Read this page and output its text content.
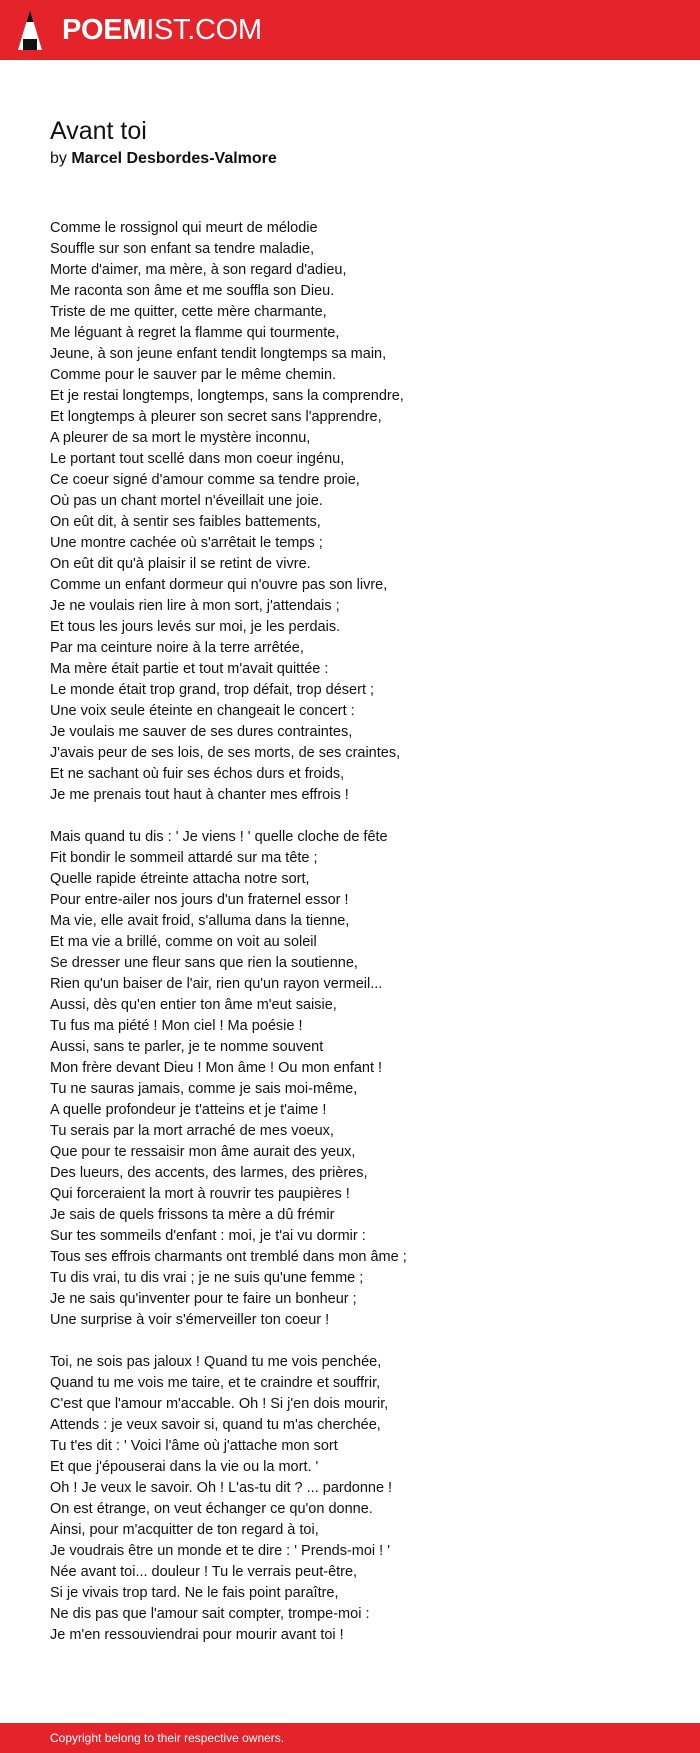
POEMIST.COM
Avant toi
by Marcel Desbordes-Valmore
Comme le rossignol qui meurt de mélodie
Souffle sur son enfant sa tendre maladie,
Morte d'aimer, ma mère, à son regard d'adieu,
Me raconta son âme et me souffla son Dieu.
Triste de me quitter, cette mère charmante,
Me léguant à regret la flamme qui tourmente,
Jeune, à son jeune enfant tendit longtemps sa main,
Comme pour le sauver par le même chemin.
Et je restai longtemps, longtemps, sans la comprendre,
Et longtemps à pleurer son secret sans l'apprendre,
A pleurer de sa mort le mystère inconnu,
Le portant tout scellé dans mon coeur ingénu,
Ce coeur signé d'amour comme sa tendre proie,
Où pas un chant mortel n'éveillait une joie.
On eût dit, à sentir ses faibles battements,
Une montre cachée où s'arrêtait le temps ;
On eût dit qu'à plaisir il se retint de vivre.
Comme un enfant dormeur qui n'ouvre pas son livre,
Je ne voulais rien lire à mon sort, j'attendais ;
Et tous les jours levés sur moi, je les perdais.
Par ma ceinture noire à la terre arrêtée,
Ma mère était partie et tout m'avait quittée :
Le monde était trop grand, trop défait, trop désert ;
Une voix seule éteinte en changeait le concert :
Je voulais me sauver de ses dures contraintes,
J'avais peur de ses lois, de ses morts, de ses craintes,
Et ne sachant où fuir ses échos durs et froids,
Je me prenais tout haut à chanter mes effrois !
Mais quand tu dis : ' Je viens ! ' quelle cloche de fête
Fit bondir le sommeil attardé sur ma tête ;
Quelle rapide étreinte attacha notre sort,
Pour entre-ailer nos jours d'un fraternel essor !
Ma vie, elle avait froid, s'alluma dans la tienne,
Et ma vie a brillé, comme on voit au soleil
Se dresser une fleur sans que rien la soutienne,
Rien qu'un baiser de l'air, rien qu'un rayon vermeil...
Aussi, dès qu'en entier ton âme m'eut saisie,
Tu fus ma piété ! Mon ciel ! Ma poésie !
Aussi, sans te parler, je te nomme souvent
Mon frère devant Dieu ! Mon âme ! Ou mon enfant !
Tu ne sauras jamais, comme je sais moi-même,
A quelle profondeur je t'atteins et je t'aime !
Tu serais par la mort arraché de mes voeux,
Que pour te ressaisir mon âme aurait des yeux,
Des lueurs, des accents, des larmes, des prières,
Qui forceraient la mort à rouvrir tes paupières !
Je sais de quels frissons ta mère a dû frémir
Sur tes sommeils d'enfant : moi, je t'ai vu dormir :
Tous ses effrois charmants ont tremblé dans mon âme ;
Tu dis vrai, tu dis vrai ; je ne suis qu'une femme ;
Je ne sais qu'inventer pour te faire un bonheur ;
Une surprise à voir s'émerveiller ton coeur !
Toi, ne sois pas jaloux ! Quand tu me vois penchée,
Quand tu me vois me taire, et te craindre et souffrir,
C'est que l'amour m'accable. Oh ! Si j'en dois mourir,
Attends : je veux savoir si, quand tu m'as cherchée,
Tu t'es dit : ' Voici l'âme où j'attache mon sort
Et que j'épouserai dans la vie ou la mort. '
Oh ! Je veux le savoir. Oh ! L'as-tu dit ? ... pardonne !
On est étrange, on veut échanger ce qu'on donne.
Ainsi, pour m'acquitter de ton regard à toi,
Je voudrais être un monde et te dire : ' Prends-moi ! '
Née avant toi... douleur ! Tu le verrais peut-être,
Si je vivais trop tard. Ne le fais point paraître,
Ne dis pas que l'amour sait compter, trompe-moi :
Je m'en ressouviendrai pour mourir avant toi !
Copyright belong to their respective owners.
